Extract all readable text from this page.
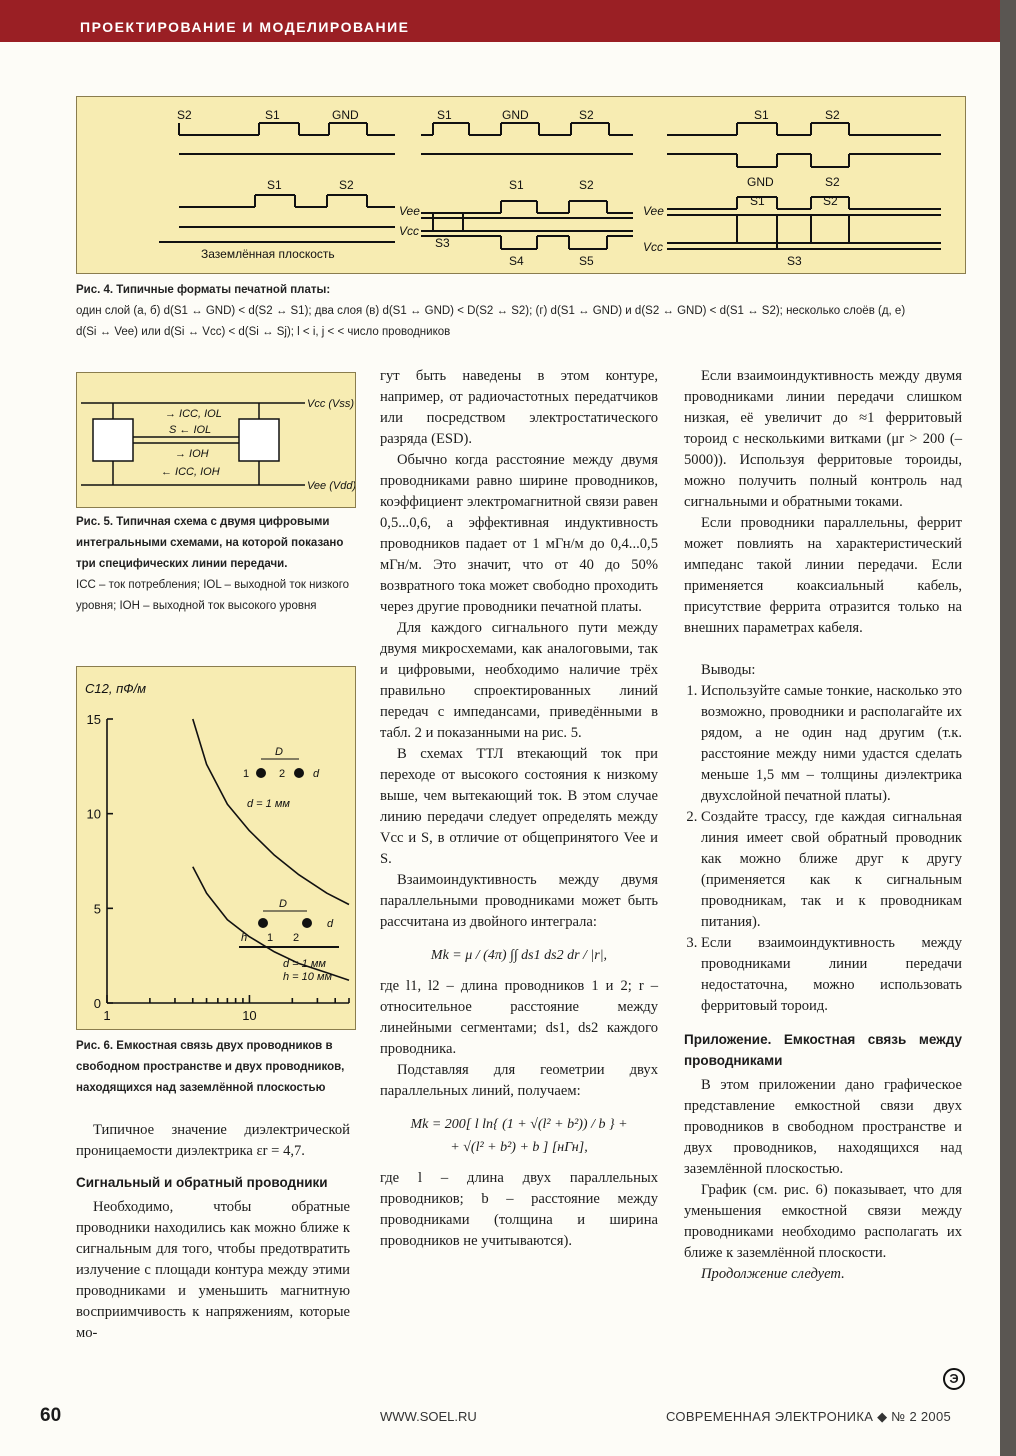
ПРОЕКТИРОВАНИЕ И МОДЕЛИРОВАНИЕ
S2	S1	GND	S1	GND	S2	S1	S2
GND	S2
S1	S2
Заземлённая плоскость
Vee
Vcc
S1	S2
S3
S4	S5
Vee
Vcc
S1	S2
S3
Рис. 4. Типичные форматы печатной платы:
один слой (а, б) d(S1 ↔ GND) < d(S2 ↔ S1); два слоя (в) d(S1 ↔ GND) < D(S2 ↔ S2); (г) d(S1 ↔ GND) и d(S2 ↔ GND) < d(S1 ↔ S2); несколько слоёв (д, е)
d(Si ↔ Vee) или d(Si ↔ Vcc) < d(Si ↔ Sj); l < i, j < < число проводников
Vcc (Vss)
Vee (Vdd)
→ ICC, IOL
S ← IOL
→ IOH
← ICC, IOH
Рис. 5. Типичная схема с двумя цифровыми интегральными схемами, на которой показано три специфических линии передачи.
ICC – ток потребления; IOL – выходной ток низкого уровня; IOH – выходной ток высокого уровня
C12, пФ/м
0
5
10
15
1	10
D
1	2	d
d = 1 мм
D
1 2
h
d
d = 1 мм
h = 10 мм
Рис. 6. Емкостная связь двух проводников в свободном пространстве и двух проводников, находящихся над заземлённой плоскостью

Типичное значение диэлектрической проницаемости диэлектрика εr = 4,7.

Сигнальный и обратный проводники

Необходимо, чтобы обратные проводники находились как можно ближе к сигнальным для того, чтобы предотвратить излучение с площади контура между этими проводниками и уменьшить магнитную восприимчивость к напряжениям, которые мо-

гут быть наведены в этом контуре, например, от радиочастотных передатчиков или посредством электростатического разряда (ESD).

Обычно когда расстояние между двумя проводниками равно ширине проводников, коэффициент электромагнитной связи равен 0,5...0,6, а эффективная индуктивность проводников падает от 1 мГн/м до 0,4...0,5 мГн/м. Это значит, что от 40 до 50% возвратного тока может свободно проходить через другие проводники печатной платы.

Для каждого сигнального пути между двумя микросхемами, как аналоговыми, так и цифровыми, необходимо наличие трёх правильно спроектированных линий передач с импедансами, приведёнными в табл. 2 и показанными на рис. 5.

В схемах ТТЛ втекающий ток при переходе от высокого состояния к низкому выше, чем вытекающий ток. В этом случае линию передачи следует определять между Vcc и S, в отличие от общепринятого Vee и S.

Взаимоиндуктивность между двумя параллельными проводниками может быть рассчитана из двойного интеграла:

Mk = μ / (4π) ∫∫ ds1 ds2 dr / |r|,

где l1, l2 – длина проводников 1 и 2; r – относительное расстояние между линейными сегментами; ds1, ds2 каждого проводника.

Подставляя для геометрии двух параллельных линий, получаем:

Mk = 200[ l ln{ (1 + √(l² + b²)) / b } +
+ √(l² + b²) + b ] [нГн],

где l – длина двух параллельных проводников; b – расстояние между проводниками (толщина и ширина проводников не учитываются).

Если взаимоиндуктивность между двумя проводниками линии передачи слишком низкая, её увеличит до ≈1 ферритовый тороид с несколькими витками (μr > 200 (–5000)). Используя ферритовые тороиды, можно получить полный контроль над сигнальными и обратными токами.

Если проводники параллельны, феррит может повлиять на характеристический импеданс такой линии передачи. Если применяется коаксиальный кабель, присутствие феррита отразится только на внешних параметрах кабеля.

Выводы:

1. Используйте самые тонкие, насколько это возможно, проводники и располагайте их рядом, а не один над другим (т.к. расстояние между ними удастся сделать меньше 1,5 мм – толщины диэлектрика двухслойной печатной платы).
2. Создайте трассу, где каждая сигнальная линия имеет свой обратный проводник как можно ближе друг к другу (применяется как к сигнальным проводникам, так и к проводникам питания).
3. Если взаимоиндуктивность между проводниками линии передачи недостаточна, можно использовать ферритовый тороид.
Приложение. Емкостная связь между проводниками

В этом приложении дано графическое представление емкостной связи двух проводников в свободном пространстве и двух проводников, находящихся над заземлённой плоскостью.

График (см. рис. 6) показывает, что для уменьшения емкостной связи между проводниками необходимо располагать их ближе к заземлённой плоскости.

Продолжение следует.

Э
60	WWW.SOEL.RU	СОВРЕМЕННАЯ ЭЛЕКТРОНИКА ◆ № 2 2005
